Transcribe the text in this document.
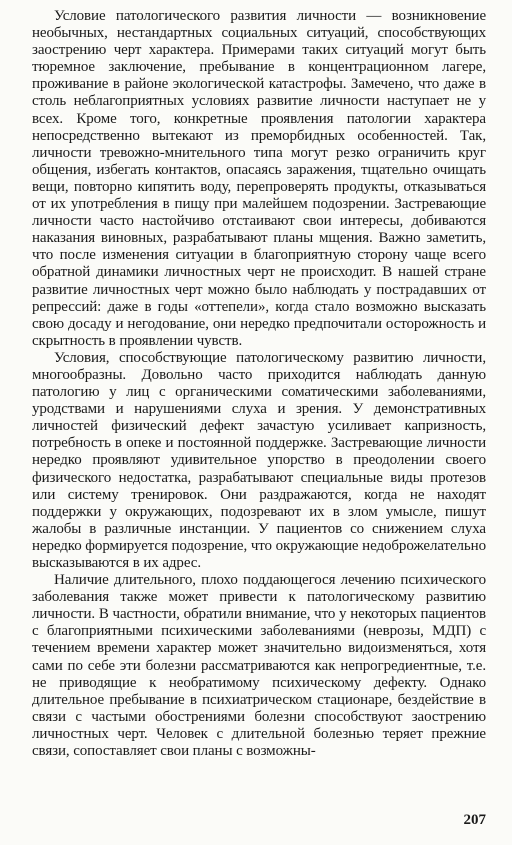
Условие патологического развития личности — возникновение необычных, нестандартных социальных ситуаций, способствующих заострению черт характера. Примерами таких ситуаций могут быть тюремное заключение, пребывание в концентрационном лагере, проживание в районе экологической катастрофы. Замечено, что даже в столь неблагоприятных условиях развитие личности наступает не у всех. Кроме того, конкретные проявления патологии характера непосредственно вытекают из преморбидных особенностей. Так, личности тревожно-мнительного типа могут резко ограничить круг общения, избегать контактов, опасаясь заражения, тщательно очищать вещи, повторно кипятить воду, перепроверять продукты, отказываться от их употребления в пищу при малейшем подозрении. Застревающие личности часто настойчиво отстаивают свои интересы, добиваются наказания виновных, разрабатывают планы мщения. Важно заметить, что после изменения ситуации в благоприятную сторону чаще всего обратной динамики личностных черт не происходит. В нашей стране развитие личностных черт можно было наблюдать у пострадавших от репрессий: даже в годы «оттепели», когда стало возможно высказать свою досаду и негодование, они нередко предпочитали осторожность и скрытность в проявлении чувств.

Условия, способствующие патологическому развитию личности, многообразны. Довольно часто приходится наблюдать данную патологию у лиц с органическими соматическими заболеваниями, уродствами и нарушениями слуха и зрения. У демонстративных личностей физический дефект зачастую усиливает капризность, потребность в опеке и постоянной поддержке. Застревающие личности нередко проявляют удивительное упорство в преодолении своего физического недостатка, разрабатывают специальные виды протезов или систему тренировок. Они раздражаются, когда не находят поддержки у окружающих, подозревают их в злом умысле, пишут жалобы в различные инстанции. У пациентов со снижением слуха нередко формируется подозрение, что окружающие недоброжелательно высказываются в их адрес.

Наличие длительного, плохо поддающегося лечению психического заболевания также может привести к патологическому развитию личности. В частности, обратили внимание, что у некоторых пациентов с благоприятными психическими заболеваниями (неврозы, МДП) с течением времени характер может значительно видоизменяться, хотя сами по себе эти болезни рассматриваются как непрогредиентные, т.е. не приводящие к необратимому психическому дефекту. Однако длительное пребывание в психиатрическом стационаре, бездействие в связи с частыми обострениями болезни способствуют заострению личностных черт. Человек с длительной болезнью теряет прежние связи, сопоставляет свои планы с возможны-

207
